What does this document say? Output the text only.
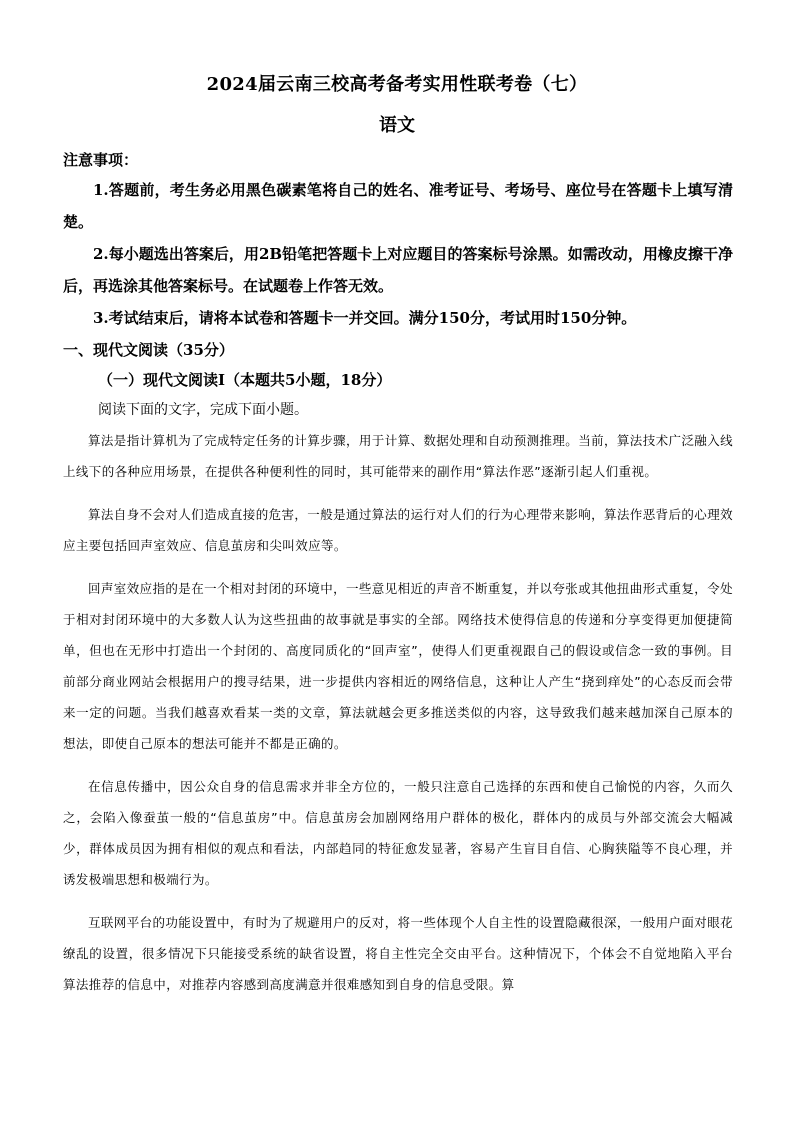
2024届云南三校高考备考实用性联考卷（七）
语文
注意事项：

1.答题前，考生务必用黑色碳素笔将自己的姓名、准考证号、考场号、座位号在答题卡上填写清楚。

2.每小题选出答案后，用2B铅笔把答题卡上对应题目的答案标号涂黑。如需改动，用橡皮擦干净后，再选涂其他答案标号。在试题卷上作答无效。

3.考试结束后，请将本试卷和答题卡一并交回。满分150分，考试用时150分钟。

一、现代文阅读（35分）
（一）现代文阅读Ⅰ（本题共5小题，18分）
阅读下面的文字，完成下面小题。

算法是指计算机为了完成特定任务的计算步骤，用于计算、数据处理和自动预测推理。当前，算法技术广泛融入线上线下的各种应用场景，在提供各种便利性的同时，其可能带来的副作用“算法作恶”逐渐引起人们重视。

算法自身不会对人们造成直接的危害，一般是通过算法的运行对人们的行为心理带来影响，算法作恶背后的心理效应主要包括回声室效应、信息茧房和尖叫效应等。

回声室效应指的是在一个相对封闭的环境中，一些意见相近的声音不断重复，并以夸张或其他扭曲形式重复，令处于相对封闭环境中的大多数人认为这些扭曲的故事就是事实的全部。网络技术使得信息的传递和分享变得更加便捷简单，但也在无形中打造出一个封闭的、高度同质化的“回声室”，使得人们更重视跟自己的假设或信念一致的事例。目前部分商业网站会根据用户的搜寻结果，进一步提供内容相近的网络信息，这种让人产生“挠到痒处”的心态反而会带来一定的问题。当我们越喜欢看某一类的文章，算法就越会更多推送类似的内容，这导致我们越来越加深自己原本的想法，即使自己原本的想法可能并不都是正确的。

在信息传播中，因公众自身的信息需求并非全方位的，一般只注意自己选择的东西和使自己愉悦的内容，久而久之，会陷入像蚕茧一般的“信息茧房”中。信息茧房会加剧网络用户群体的极化，群体内的成员与外部交流会大幅减少，群体成员因为拥有相似的观点和看法，内部趋同的特征愈发显著，容易产生盲目自信、心胸狭隘等不良心理，并诱发极端思想和极端行为。

互联网平台的功能设置中，有时为了规避用户的反对，将一些体现个人自主性的设置隐藏很深，一般用户面对眼花缭乱的设置，很多情况下只能接受系统的缺省设置，将自主性完全交由平台。这种情况下，个体会不自觉地陷入平台算法推荐的信息中，对推荐内容感到高度满意并很难感知到自身的信息受限。算
